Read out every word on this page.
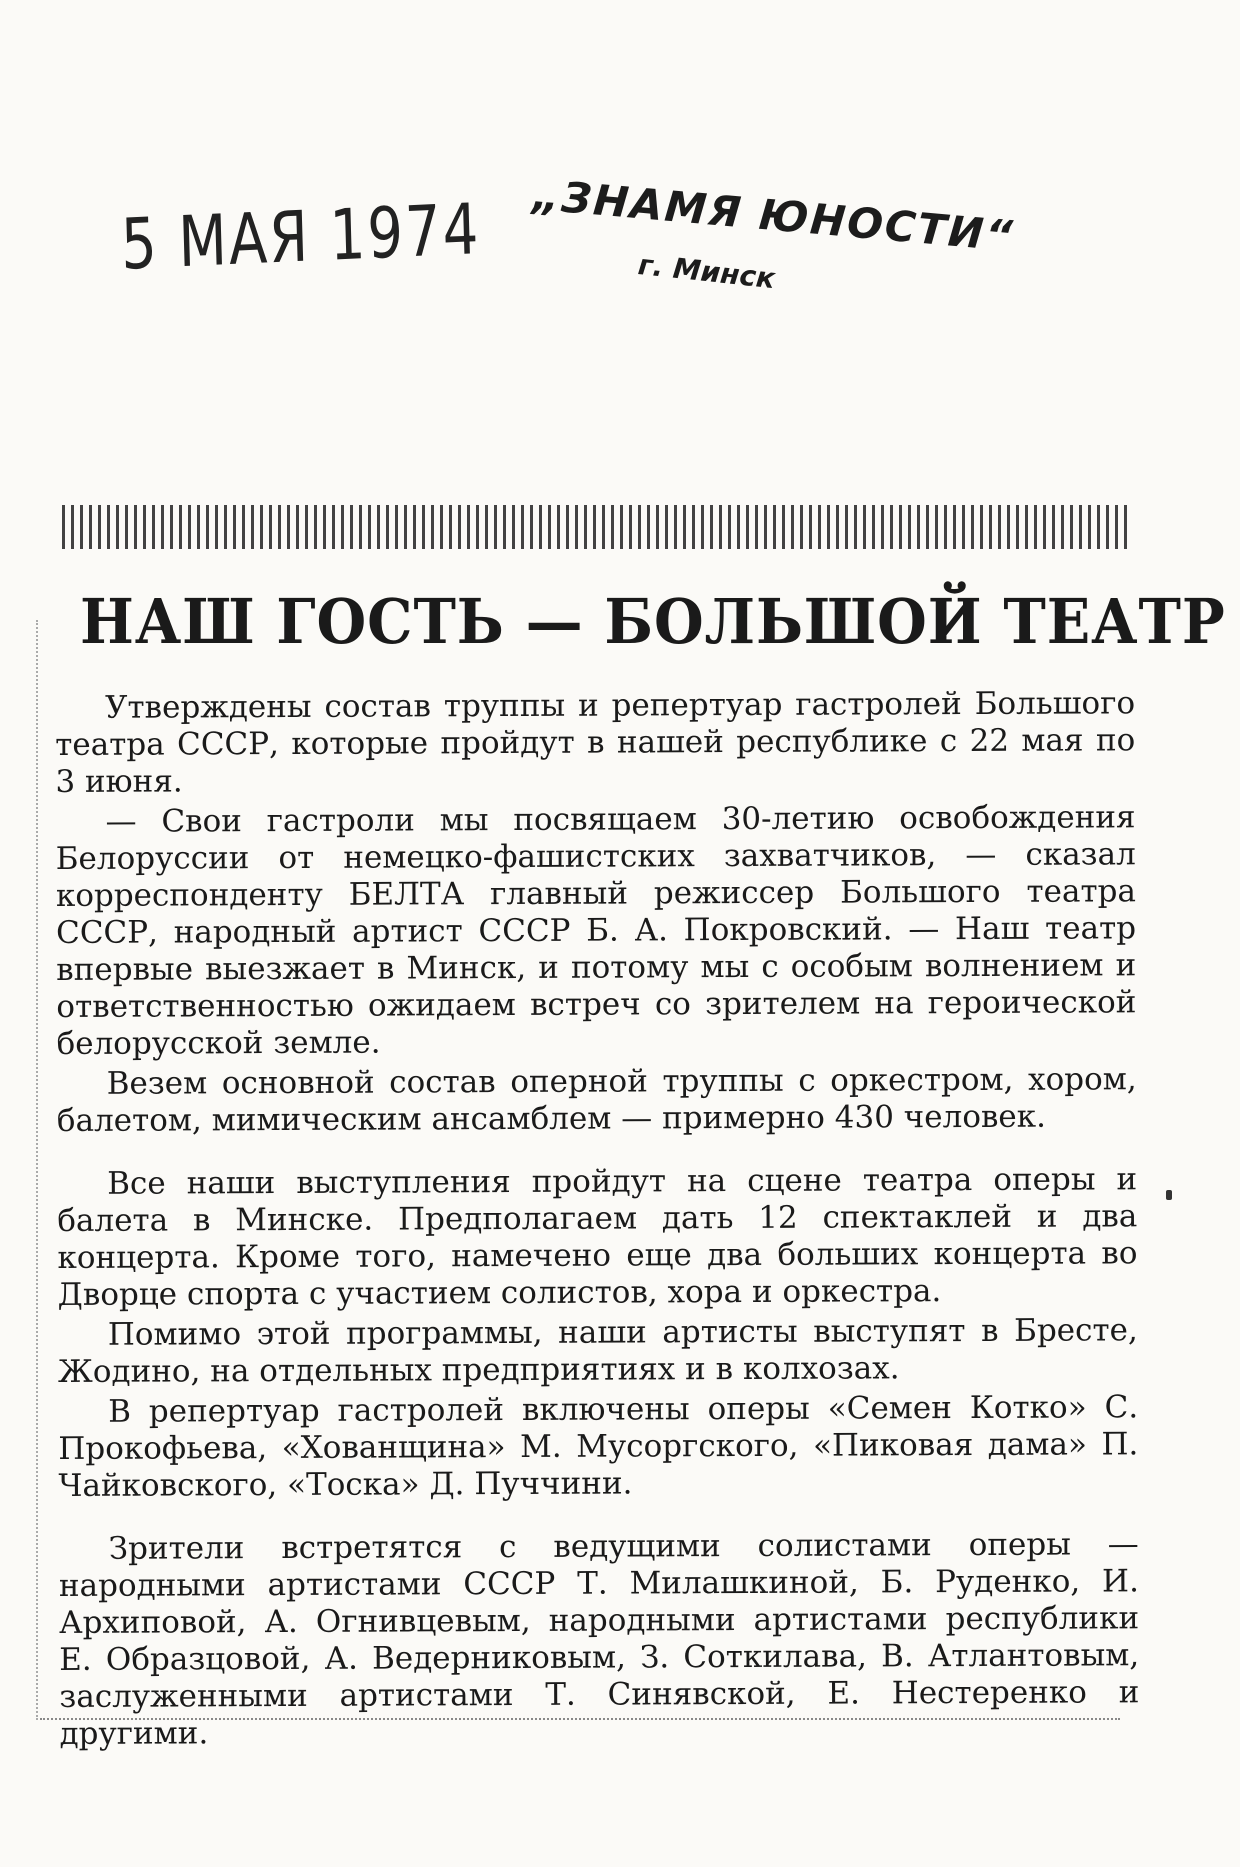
5 МАЯ 1974 „ЗНАМЯ ЮНОСТИ“
г. Минск
НАШ ГОСТЬ — БОЛЬШОЙ ТЕАТР

Утверждены состав труппы и репертуар гастролей Большого театра СССР, которые пройдут в нашей республике с 22 мая по 3 июня.

— Свои гастроли мы посвящаем 30-летию освобождения Белоруссии от немецко-фашистских захватчиков, — сказал корреспонденту БЕЛТА главный режиссер Большого театра СССР, народный артист СССР Б. А. Покровский. — Наш театр впервые выезжает в Минск, и потому мы с особым волнением и ответственностью ожидаем встреч со зрителем на героической белорусской земле.

Везем основной состав оперной труппы с оркестром, хором, балетом, мимическим ансамблем — примерно 430 человек.

Все наши выступления пройдут на сцене театра оперы и балета в Минске. Предполагаем дать 12 спектаклей и два концерта. Кроме того, намечено еще два больших концерта во Дворце спорта с участием солистов, хора и оркестра.

Помимо этой программы, наши артисты выступят в Бресте, Жодино, на отдельных предприятиях и в колхозах.

В репертуар гастролей включены оперы «Семен Котко» С. Прокофьева, «Хованщина» М. Мусоргского, «Пиковая дама» П. Чайковского, «Тоска» Д. Пуччини.

Зрители встретятся с ведущими солистами оперы — народными артистами СССР Т. Милашкиной, Б. Руденко, И. Архиповой, А. Огнивцевым, народными артистами республики Е. Образцовой, А. Ведерниковым, З. Соткилава, В. Атлантовым, заслуженными артистами Т. Синявской, Е. Нестеренко и другими.
